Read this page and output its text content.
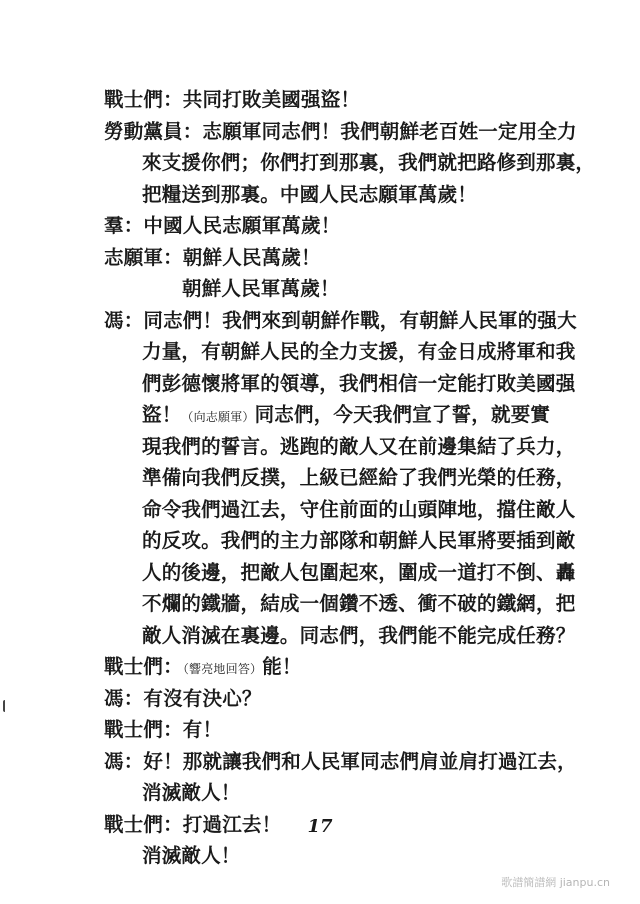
戰士們：共同打敗美國强盜！
勞動黨員：志願軍同志們！我們朝鮮老百姓一定用全力
來支援你們；你們打到那裏，我們就把路修到那裏，
把糧送到那裏。中國人民志願軍萬歲！
羣：中國人民志願軍萬歲！
志願軍：朝鮮人民萬歲！
朝鮮人民軍萬歲！
馮：同志們！我們來到朝鮮作戰，有朝鮮人民軍的强大
力量，有朝鮮人民的全力支援，有金日成將軍和我
們彭德懷將軍的領導，我們相信一定能打敗美國强
盜！（向志願軍）同志們，今天我們宣了誓，就要實
現我們的誓言。逃跑的敵人又在前邊集結了兵力，
準備向我們反撲，上級已經給了我們光榮的任務，
命令我們過江去，守住前面的山頭陣地，擋住敵人
的反攻。我們的主力部隊和朝鮮人民軍將要插到敵
人的後邊，把敵人包圍起來，圍成一道打不倒、轟
不爛的鐵牆，結成一個鑽不透、衝不破的鐵網，把
敵人消滅在裏邊。同志們，我們能不能完成任務？
戰士們：（響亮地回答）能！
馮：有沒有決心？
戰士們：有！
馮：好！那就讓我們和人民軍同志們肩並肩打過江去，
消滅敵人！
戰士們：打過江去！
消滅敵人！
17
歌譜簡譜網 jianpu.cn
